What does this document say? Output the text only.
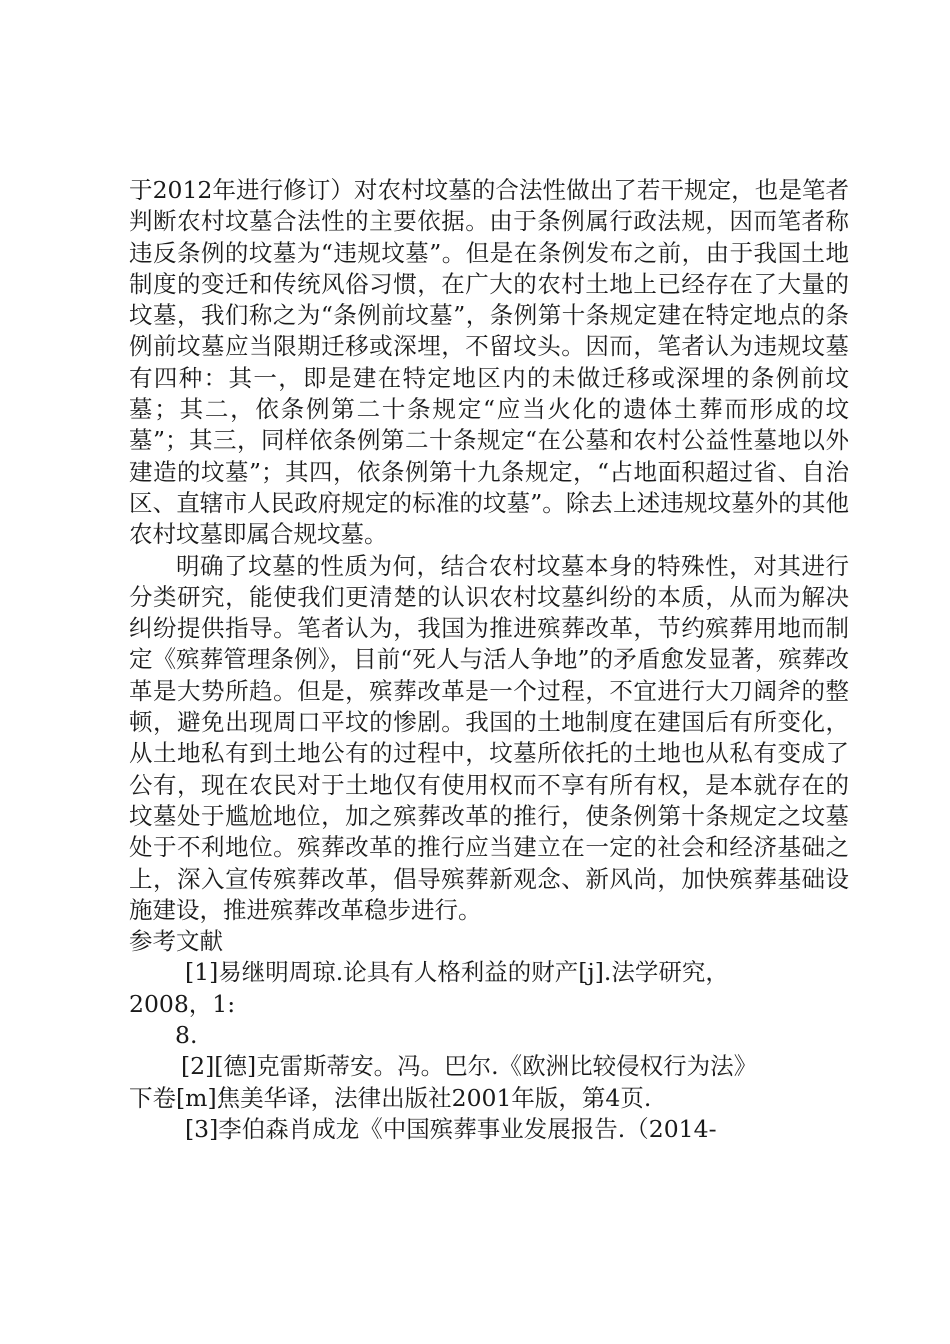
于2012年进行修订）对农村坟墓的合法性做出了若干规定，也是笔者判断农村坟墓合法性的主要依据。由于条例属行政法规，因而笔者称违反条例的坟墓为“违规坟墓”。但是在条例发布之前，由于我国土地制度的变迁和传统风俗习惯，在广大的农村土地上已经存在了大量的坟墓，我们称之为“条例前坟墓”，条例第十条规定建在特定地点的条例前坟墓应当限期迁移或深埋，不留坟头。因而，笔者认为违规坟墓有四种：其一，即是建在特定地区内的未做迁移或深埋的条例前坟墓；其二，依条例第二十条规定“应当火化的遗体土葬而形成的坟墓”；其三，同样依条例第二十条规定“在公墓和农村公益性墓地以外建造的坟墓”；其四，依条例第十九条规定，“占地面积超过省、自治区、直辖市人民政府规定的标准的坟墓”。除去上述违规坟墓外的其他农村坟墓即属合规坟墓。

明确了坟墓的性质为何，结合农村坟墓本身的特殊性，对其进行分类研究，能使我们更清楚的认识农村坟墓纠纷的本质，从而为解决纠纷提供指导。笔者认为，我国为推进殡葬改革，节约殡葬用地而制定《殡葬管理条例》，目前“死人与活人争地”的矛盾愈发显著，殡葬改革是大势所趋。但是，殡葬改革是一个过程，不宜进行大刀阔斧的整顿，避免出现周口平坟的惨剧。我国的土地制度在建国后有所变化，从土地私有到土地公有的过程中，坟墓所依托的土地也从私有变成了公有，现在农民对于土地仅有使用权而不享有所有权，是本就存在的坟墓处于尴尬地位，加之殡葬改革的推行，使条例第十条规定之坟墓处于不利地位。殡葬改革的推行应当建立在一定的社会和经济基础之上，深入宣传殡葬改革，倡导殡葬新观念、新风尚，加快殡葬基础设施建设，推进殡葬改革稳步进行。

参考文献

[1]易继明周琼.论具有人格利益的财产[j].法学研究，
2008，1:
8.

[2][德]克雷斯蒂安。冯。巴尔.《欧洲比较侵权行为法》
下卷[m]焦美华译，法律出版社2001年版，第4页.

[3]李伯森肖成龙《中国殡葬事业发展报告.（2014-
